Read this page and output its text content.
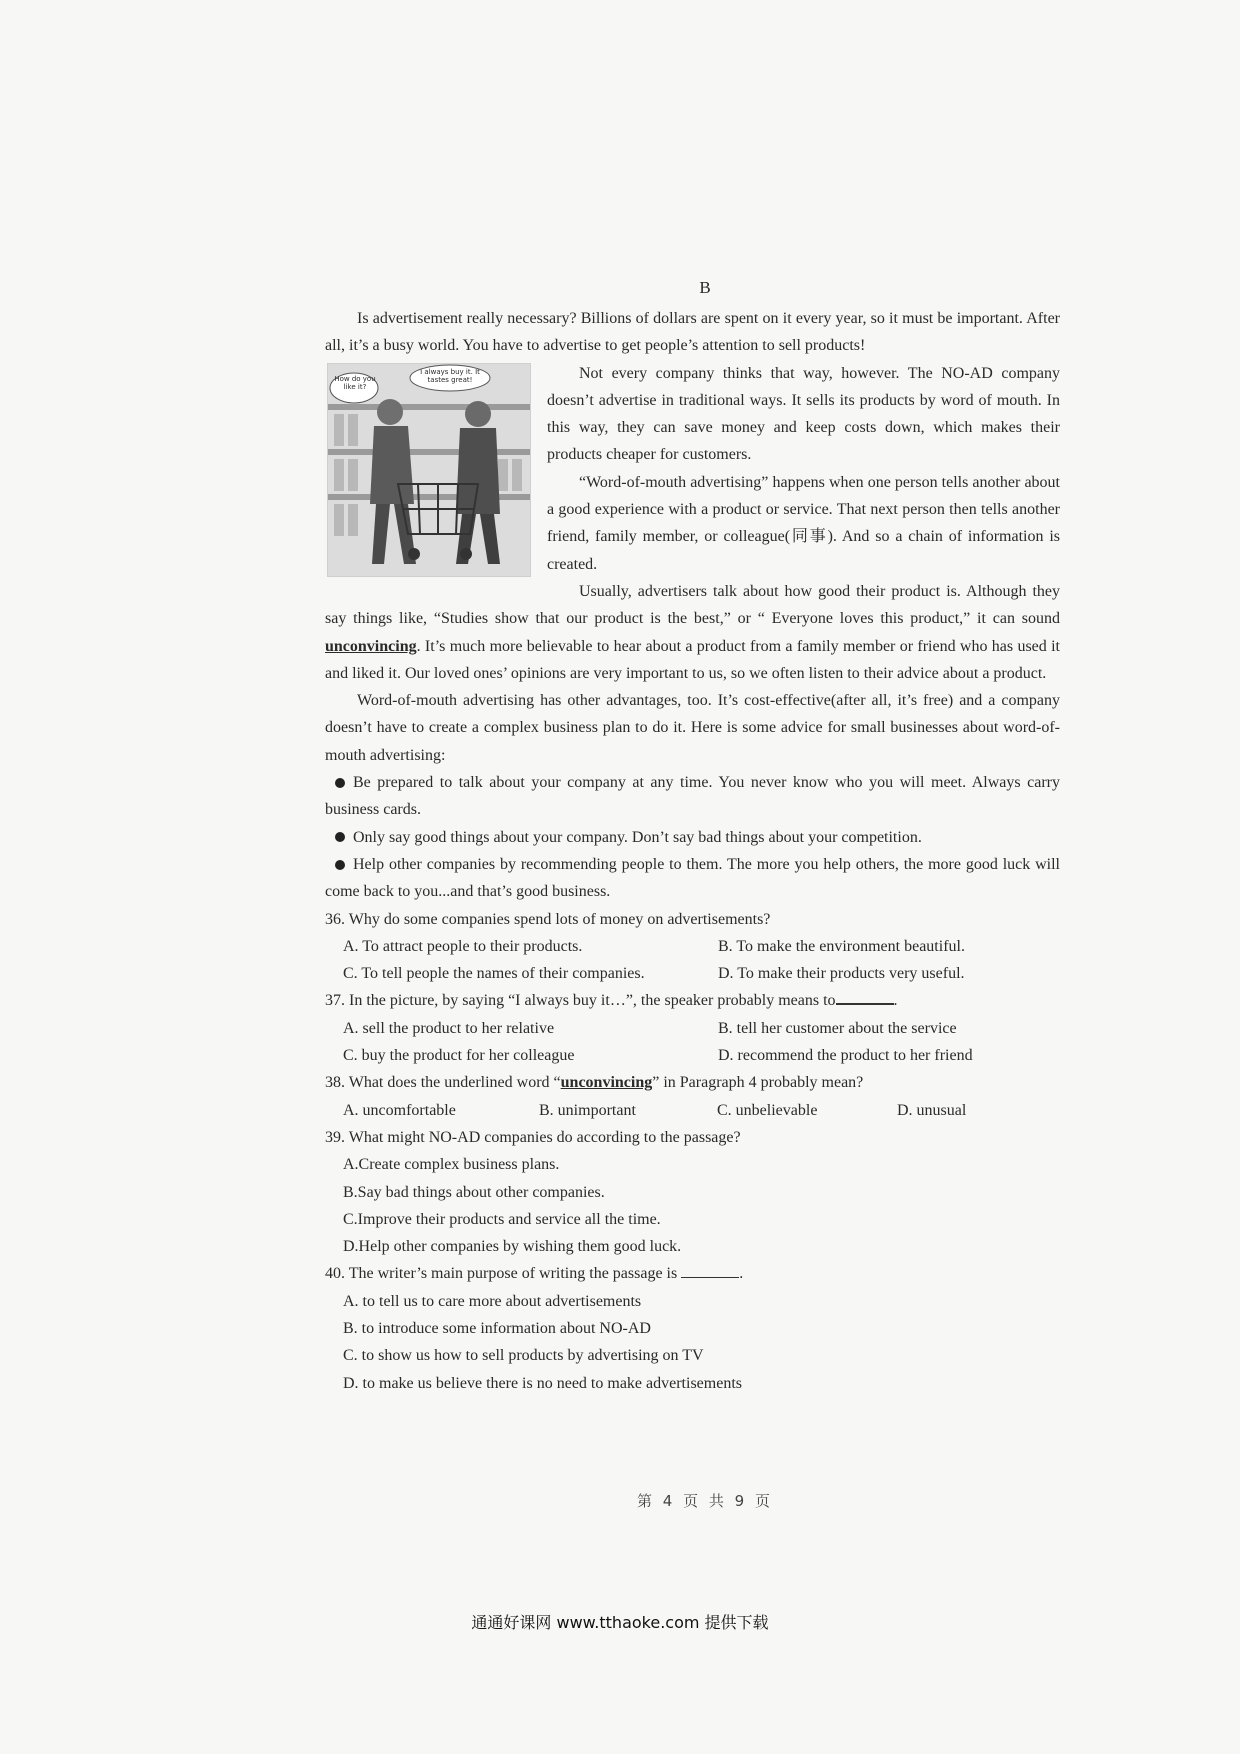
B

Is advertisement really necessary? Billions of dollars are spent on it every year, so it must be important. After all, it’s a busy world. You have to advertise to get people’s attention to sell products!

How do you like it?
I always buy it. It tastes great!	Not every company thinks that way, however. The NO-AD company doesn’t advertise in traditional ways. It sells its products by word of mouth. In this way, they can save money and keep costs down, which makes their products cheaper for customers.

“Word-of-mouth advertising” happens when one person tells another about a good experience with a product or service. That next person then tells another friend, family member, or colleague(同事). And so a chain of information is created.

Usually, advertisers talk about how good their product is. Although they say things like, “Studies show that our product is the best,” or “ Everyone loves this product,” it can sound unconvincing. It’s much more believable to hear about a product from a family member or friend who has used it and liked it. Our loved ones’ opinions are very important to us, so we often listen to their advice about a product.

Word-of-mouth advertising has other advantages, too. It’s cost-effective(after all, it’s free) and a company doesn’t have to create a complex business plan to do it. Here is some advice for small businesses about word-of-mouth advertising:

Be prepared to talk about your company at any time. You never know who you will meet. Always carry business cards.

Only say good things about your company. Don’t say bad things about your competition.

Help other companies by recommending people to them. The more you help others, the more good luck will come back to you...and that’s good business.

36. Why do some companies spend lots of money on advertisements?

A. To attract people to their products.	B. To make the environment beautiful.
C. To tell people the names of their companies.	D. To make their products very useful.

37. In the picture, by saying “I always buy it…”, the speaker probably means to	.

A. sell the product to her relative	B. tell her customer about the service
C. buy the product for her colleague	D. recommend the product to her friend

38. What does the underlined word “unconvincing” in Paragraph 4 probably mean?

A. uncomfortable	B. unimportant	C. unbelievable	D. unusual

39. What might NO-AD companies do according to the passage?

A.Create complex business plans.
B.Say bad things about other companies.
C.Improve their products and service all the time.
D.Help other companies by wishing them good luck.

40. The writer’s main purpose of writing the passage is	.

A. to tell us to care more about advertisements
B. to introduce some information about NO-AD
C. to show us how to sell products by advertising on TV
D. to make us believe there is no need to make advertisements
第 4 页 共 9 页
通通好课网 www.tthaoke.com 提供下载
